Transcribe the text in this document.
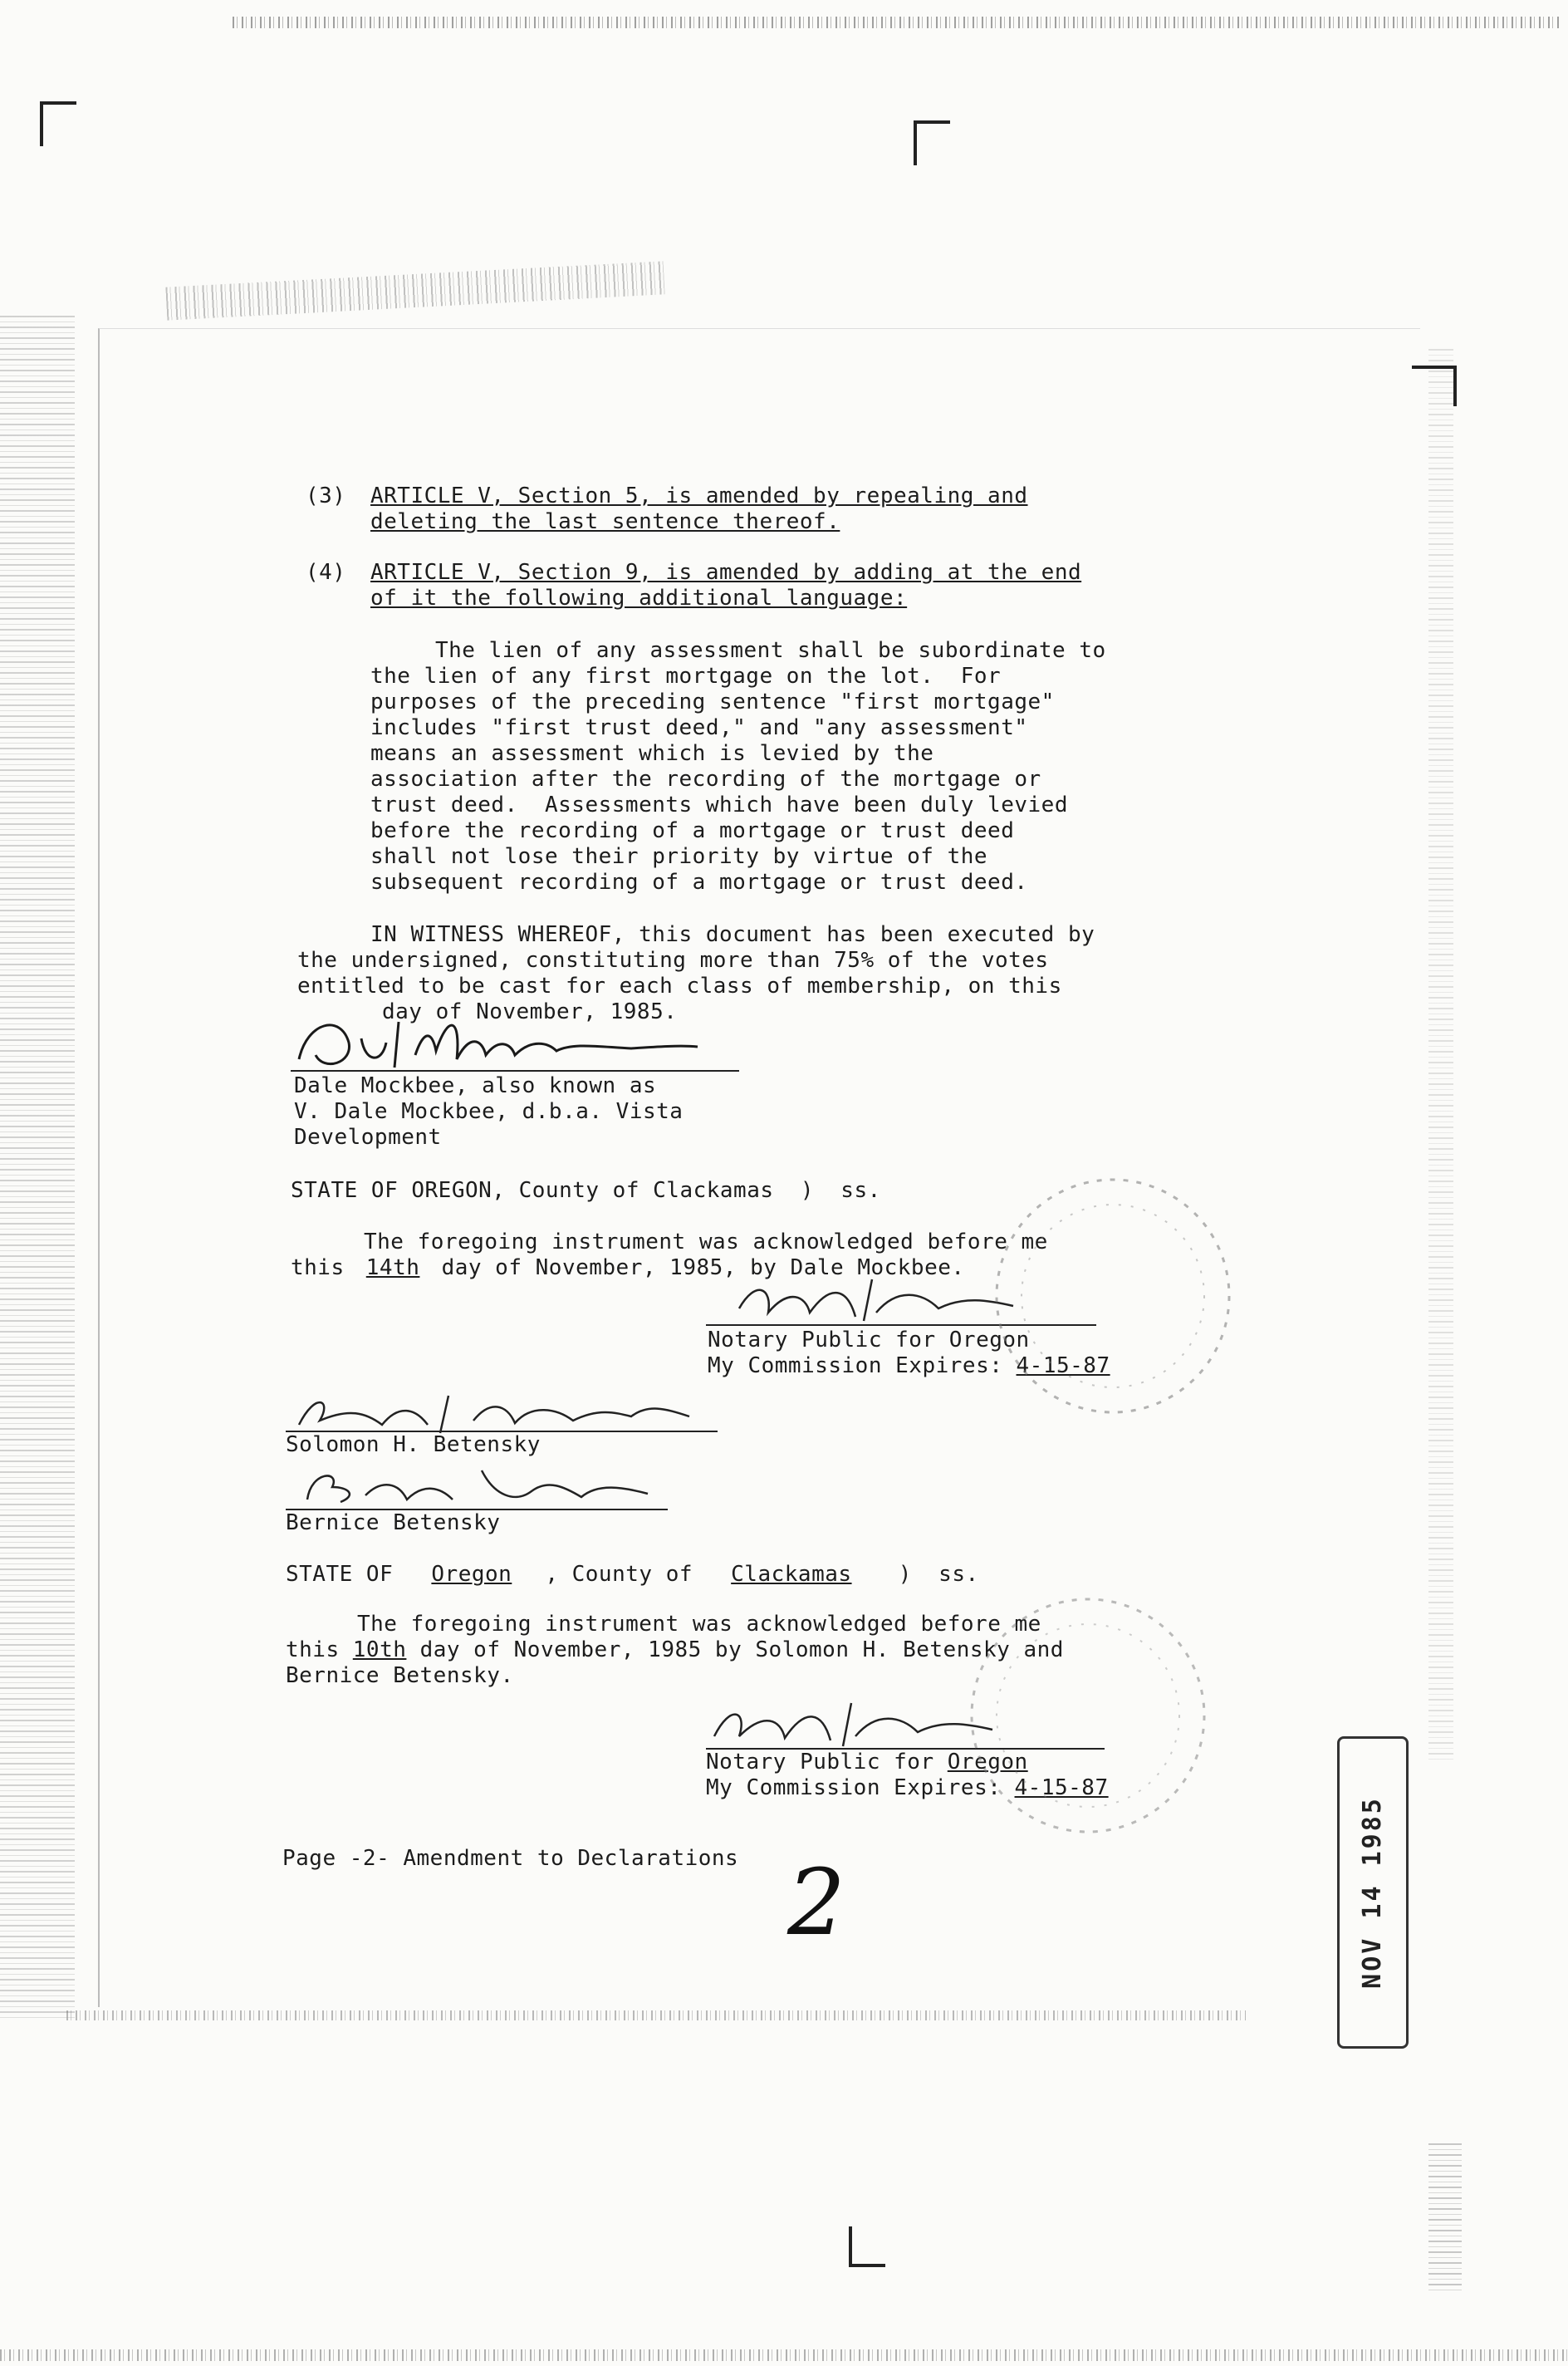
(3) ARTICLE V, Section 5, is amended by repealing and
deleting the last sentence thereof.
(4) ARTICLE V, Section 9, is amended by adding at the end
of it the following additional language:
The lien of any assessment shall be subordinate to
the lien of any first mortgage on the lot.  For
purposes of the preceding sentence "first mortgage"
includes "first trust deed," and "any assessment"
means an assessment which is levied by the
association after the recording of the mortgage or
trust deed.  Assessments which have been duly levied
before the recording of a mortgage or trust deed
shall not lose their priority by virtue of the
subsequent recording of a mortgage or trust deed.
IN WITNESS WHEREOF, this document has been executed by
the undersigned, constituting more than 75% of the votes
entitled to be cast for each class of membership, on this
day of November, 1985.
Dale Mockbee, also known as
V. Dale Mockbee, d.b.a. Vista
Development
STATE OF OREGON, County of Clackamas  )  ss.
The foregoing instrument was acknowledged before me
this 14th day of November, 1985, by Dale Mockbee.
Notary Public for Oregon
My Commission Expires: 4-15-87
Solomon H. Betensky
Bernice Betensky
STATE OF Oregon , County of Clackamas )  ss.
The foregoing instrument was acknowledged before me
this 10th day of November, 1985 by Solomon H. Betensky and
Bernice Betensky.
Notary Public for Oregon
My Commission Expires: 4-15-87
Page -2- Amendment to Declarations 2	NOV 14 1985
